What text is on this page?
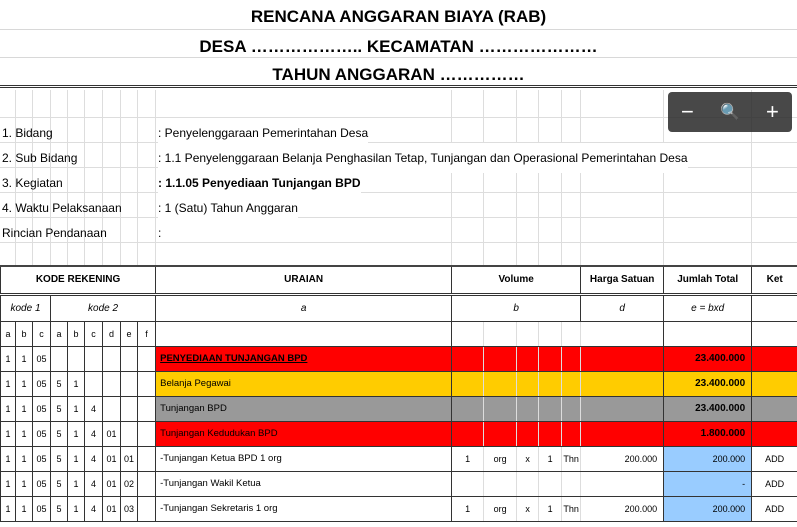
RENCANA ANGGARAN BIAYA (RAB)
DESA ……………….. KECAMATAN …………………
TAHUN ANGGARAN ……………
1. Bidang	: Penyelenggaraan Pemerintahan Desa
2. Sub Bidang	: 1.1 Penyelenggaraan Belanja Penghasilan Tetap, Tunjangan dan Operasional Pemerintahan Desa
3. Kegiatan	: 1.1.05 Penyediaan Tunjangan BPD
4. Waktu Pelaksanaan	: 1 (Satu) Tahun Anggaran
Rincian Pendanaan	:
KODE REKENING									URAIAN	Volume					Harga Satuan	Jumlah Total	Ket
kode 1			kode 2						a	b					d	e = bxd	
a	b	c	a	b	c	d	e	f									
1	1	05							PENYEDIAAN TUNJANGAN BPD							23.400.000	
1	1	05	5	1					Belanja Pegawai							23.400.000	
1	1	05	5	1	4				Tunjangan BPD							23.400.000	
1	1	05	5	1	4	01			Tunjangan Kedudukan BPD							1.800.000	
1	1	05	5	1	4	01	01		-Tunjangan Ketua BPD 1 org	1	org	x	1	Thn	200.000	200.000	ADD
1	1	05	5	1	4	01	02		-Tunjangan Wakil Ketua							-	ADD
1	1	05	5	1	4	01	03		-Tunjangan Sekretaris 1 org	1	org	x	1	Thn	200.000	200.000	ADD
− 🔍 +
